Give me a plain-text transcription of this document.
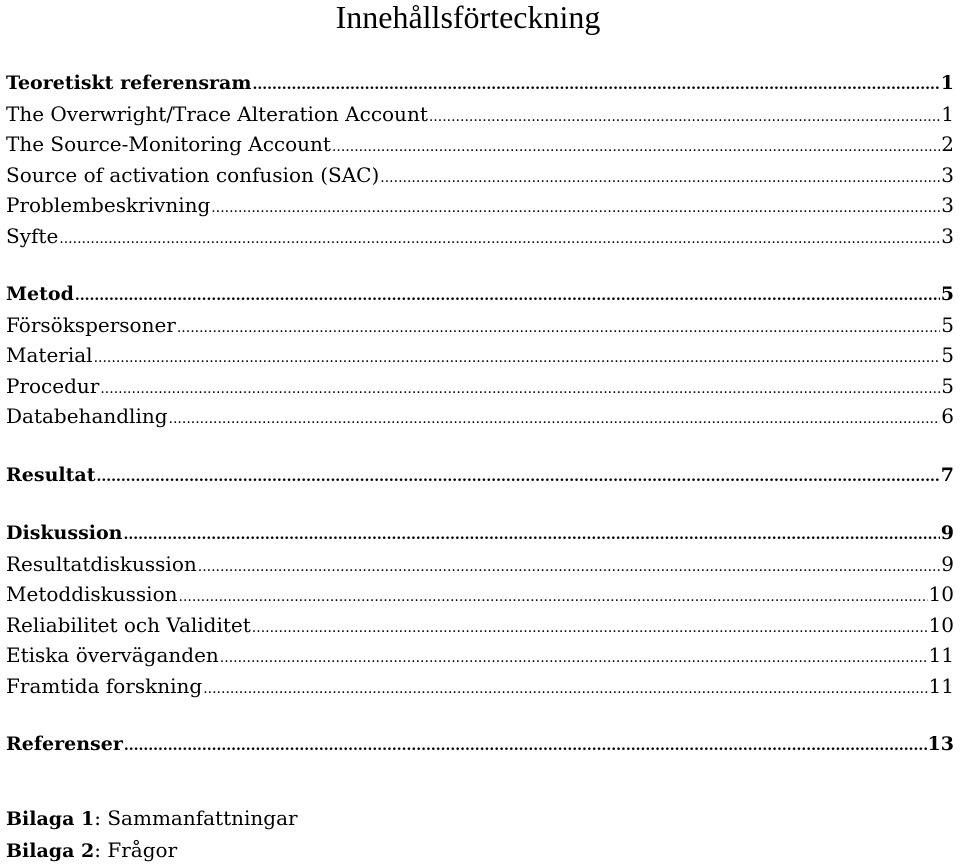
Innehållsförteckning
Teoretiskt referensram .....	1
The Overwright/Trace Alteration Account .....	1
The Source-Monitoring Account .....	2
Source of activation confusion (SAC) .....	3
Problembeskrivning .....	3
Syfte .....	3
Metod .....	5
Försökspersoner .....	5
Material .....	5
Procedur .....	5
Databehandling .....	6
Resultat .....	7
Diskussion .....	9
Resultatdiskussion .....	9
Metoddiskussion .....	10
Reliabilitet och Validitet .....	10
Etiska överväganden .....	11
Framtida forskning .....	11
Referenser .....	13
Bilaga 1: Sammanfattningar
Bilaga 2: Frågor
